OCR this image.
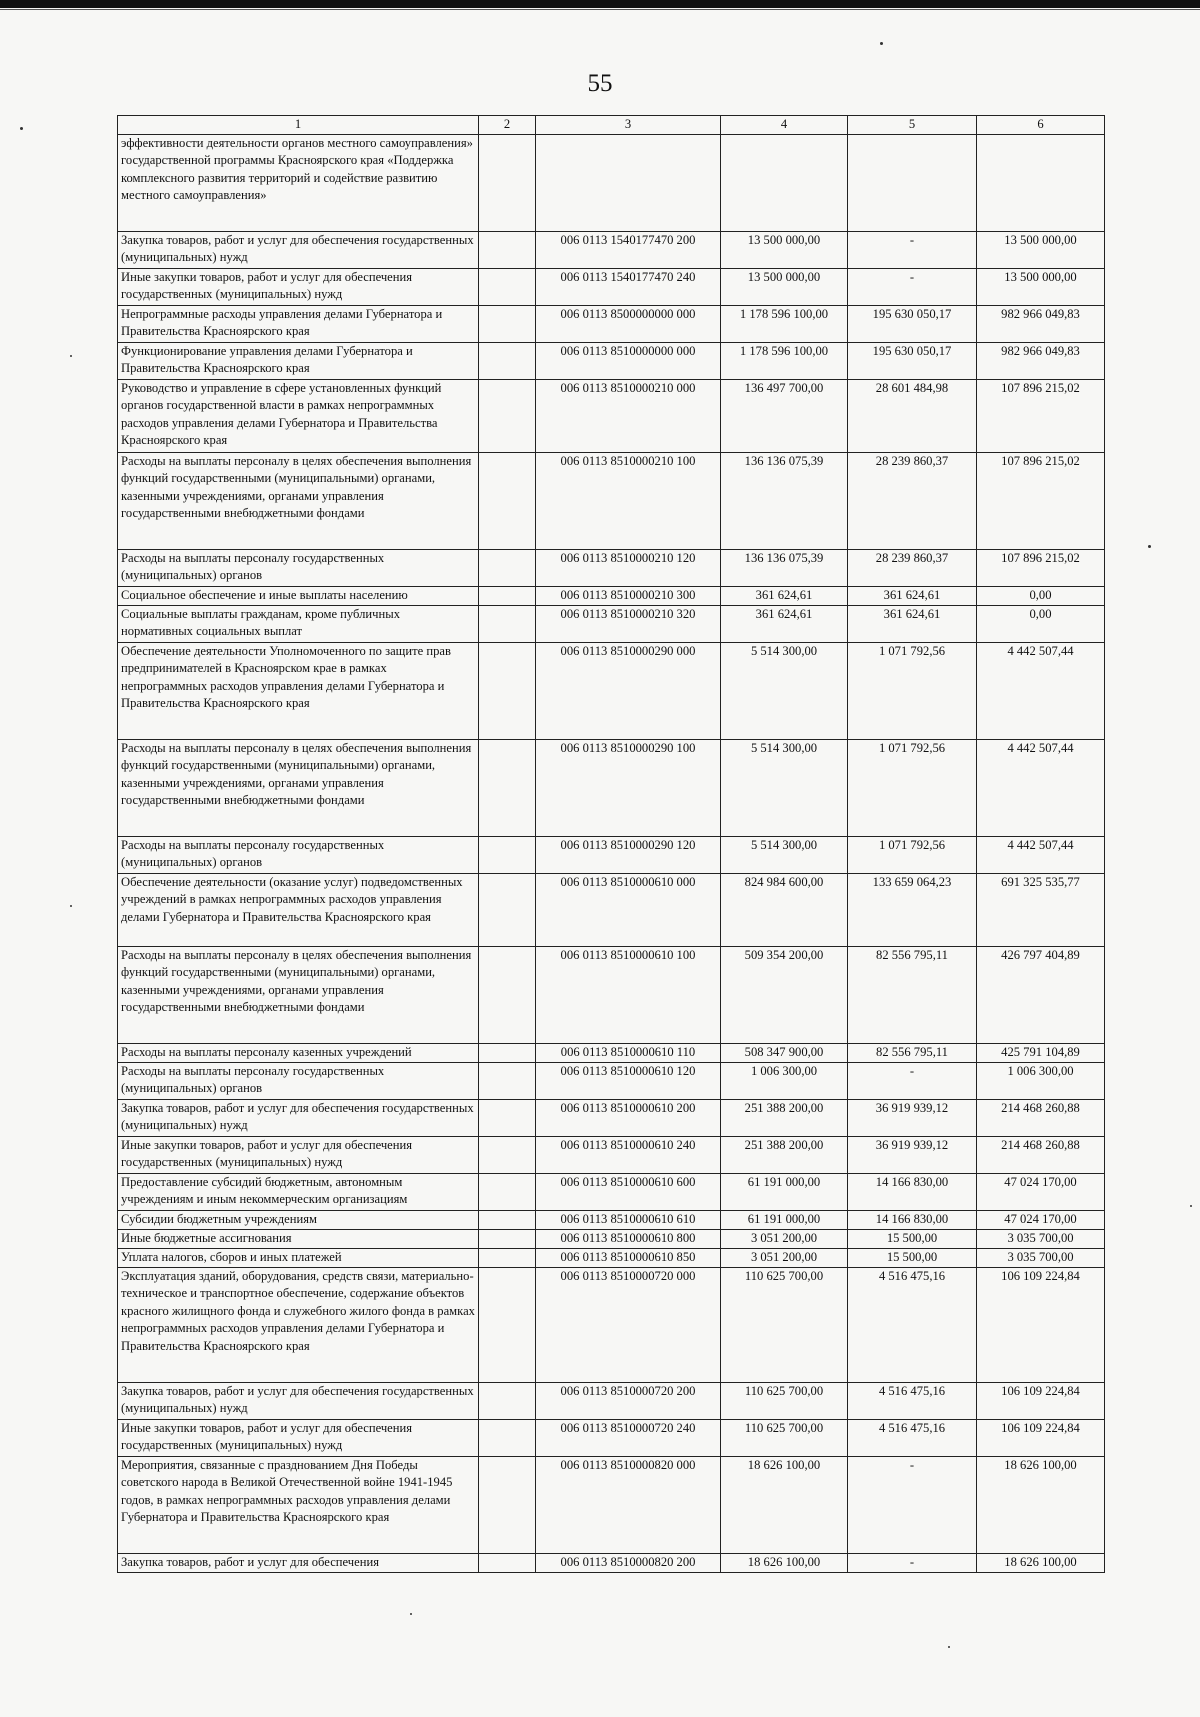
55
1	2	3	4	5	6
эффективности деятельности органов местного самоуправления» государственной программы Красноярского края «Поддержка комплексного развития территорий и содействие развитию местного самоуправления»					
Закупка товаров, работ и услуг для обеспечения государственных (муниципальных) нужд		006 0113 1540177470 200	13 500 000,00	-	13 500 000,00
Иные закупки товаров, работ и услуг для обеспечения государственных (муниципальных) нужд		006 0113 1540177470 240	13 500 000,00	-	13 500 000,00
Непрограммные расходы управления делами Губернатора и Правительства Красноярского края		006 0113 8500000000 000	1 178 596 100,00	195 630 050,17	982 966 049,83
Функционирование управления делами Губернатора и Правительства Красноярского края		006 0113 8510000000 000	1 178 596 100,00	195 630 050,17	982 966 049,83
Руководство и управление в сфере установленных функций органов государственной власти в рамках непрограммных расходов управления делами Губернатора и Правительства Красноярского края		006 0113 8510000210 000	136 497 700,00	28 601 484,98	107 896 215,02
Расходы на выплаты персоналу в целях обеспечения выполнения функций государственными (муниципальными) органами, казенными учреждениями, органами управления государственными внебюджетными фондами		006 0113 8510000210 100	136 136 075,39	28 239 860,37	107 896 215,02
Расходы на выплаты персоналу государственных (муниципальных) органов		006 0113 8510000210 120	136 136 075,39	28 239 860,37	107 896 215,02
Социальное обеспечение и иные выплаты населению		006 0113 8510000210 300	361 624,61	361 624,61	0,00
Социальные выплаты гражданам, кроме публичных нормативных социальных выплат		006 0113 8510000210 320	361 624,61	361 624,61	0,00
Обеспечение деятельности Уполномоченного по защите прав предпринимателей в Красноярском крае в рамках непрограммных расходов управления делами Губернатора и Правительства Красноярского края		006 0113 8510000290 000	5 514 300,00	1 071 792,56	4 442 507,44
Расходы на выплаты персоналу в целях обеспечения выполнения функций государственными (муниципальными) органами, казенными учреждениями, органами управления государственными внебюджетными фондами		006 0113 8510000290 100	5 514 300,00	1 071 792,56	4 442 507,44
Расходы на выплаты персоналу государственных (муниципальных) органов		006 0113 8510000290 120	5 514 300,00	1 071 792,56	4 442 507,44
Обеспечение деятельности (оказание услуг) подведомственных учреждений в рамках непрограммных расходов управления делами Губернатора и Правительства Красноярского края		006 0113 8510000610 000	824 984 600,00	133 659 064,23	691 325 535,77
Расходы на выплаты персоналу в целях обеспечения выполнения функций государственными (муниципальными) органами, казенными учреждениями, органами управления государственными внебюджетными фондами		006 0113 8510000610 100	509 354 200,00	82 556 795,11	426 797 404,89
Расходы на выплаты персоналу казенных учреждений		006 0113 8510000610 110	508 347 900,00	82 556 795,11	425 791 104,89
Расходы на выплаты персоналу государственных (муниципальных) органов		006 0113 8510000610 120	1 006 300,00	-	1 006 300,00
Закупка товаров, работ и услуг для обеспечения государственных (муниципальных) нужд		006 0113 8510000610 200	251 388 200,00	36 919 939,12	214 468 260,88
Иные закупки товаров, работ и услуг для обеспечения государственных (муниципальных) нужд		006 0113 8510000610 240	251 388 200,00	36 919 939,12	214 468 260,88
Предоставление субсидий бюджетным, автономным учреждениям и иным некоммерческим организациям		006 0113 8510000610 600	61 191 000,00	14 166 830,00	47 024 170,00
Субсидии бюджетным учреждениям		006 0113 8510000610 610	61 191 000,00	14 166 830,00	47 024 170,00
Иные бюджетные ассигнования		006 0113 8510000610 800	3 051 200,00	15 500,00	3 035 700,00
Уплата налогов, сборов и иных платежей		006 0113 8510000610 850	3 051 200,00	15 500,00	3 035 700,00
Эксплуатация зданий, оборудования, средств связи, материально-техническое и транспортное обеспечение, содержание объектов красного жилищного фонда и служебного жилого фонда в рамках непрограммных расходов управления делами Губернатора и Правительства Красноярского края		006 0113 8510000720 000	110 625 700,00	4 516 475,16	106 109 224,84
Закупка товаров, работ и услуг для обеспечения государственных (муниципальных) нужд		006 0113 8510000720 200	110 625 700,00	4 516 475,16	106 109 224,84
Иные закупки товаров, работ и услуг для обеспечения государственных (муниципальных) нужд		006 0113 8510000720 240	110 625 700,00	4 516 475,16	106 109 224,84
Мероприятия, связанные с празднованием Дня Победы советского народа в Великой Отечественной войне 1941-1945 годов, в рамках непрограммных расходов управления делами Губернатора и Правительства Красноярского края		006 0113 8510000820 000	18 626 100,00	-	18 626 100,00
Закупка товаров, работ и услуг для обеспечения		006 0113 8510000820 200	18 626 100,00	-	18 626 100,00
